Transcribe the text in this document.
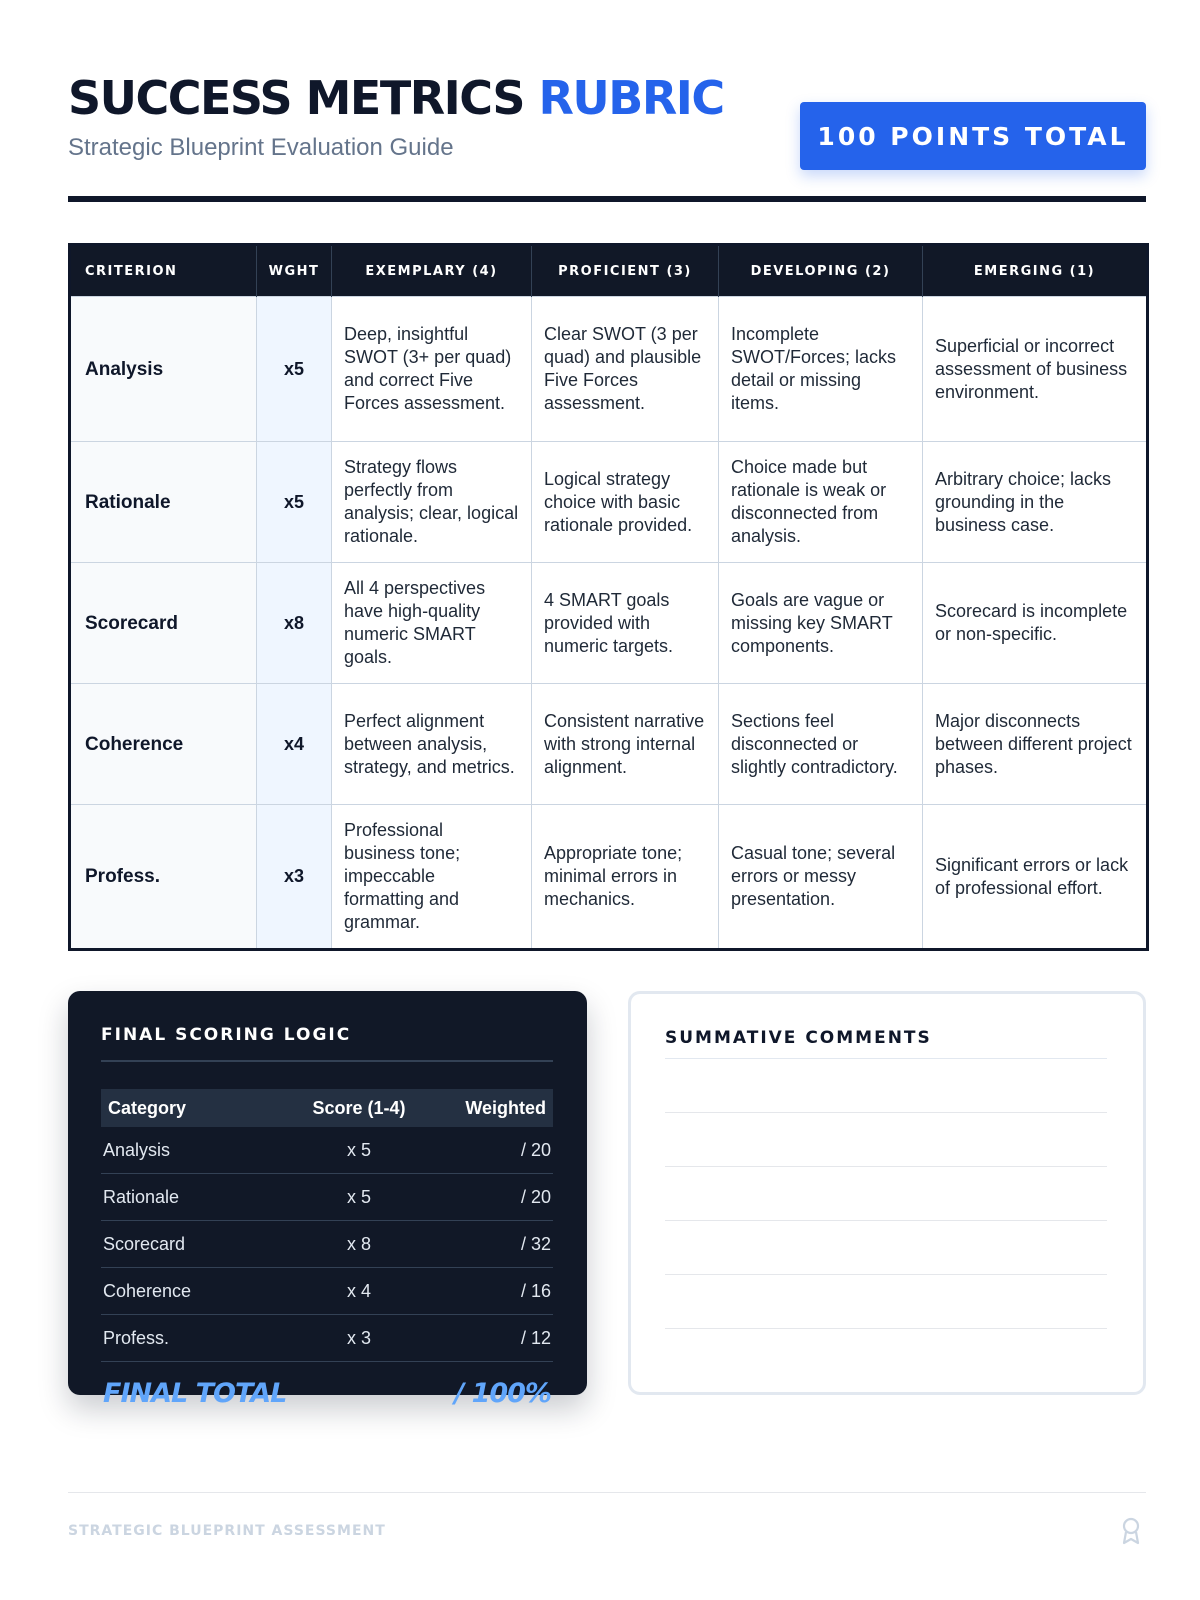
SUCCESS METRICS RUBRIC
Strategic Blueprint Evaluation Guide	100 POINTS TOTAL
CRITERION	WGHT	EXEMPLARY (4)	PROFICIENT (3)	DEVELOPING (2)	EMERGING (1)
Analysis	x5	Deep, insightful SWOT (3+ per quad) and correct Five Forces assessment.	Clear SWOT (3 per quad) and plausible Five Forces assessment.	Incomplete SWOT/Forces; lacks detail or missing items.	Superficial or incorrect assessment of business environment.
Rationale	x5	Strategy flows perfectly from analysis; clear, logical rationale.	Logical strategy choice with basic rationale provided.	Choice made but rationale is weak or disconnected from analysis.	Arbitrary choice; lacks grounding in the business case.
Scorecard	x8	All 4 perspectives have high-quality numeric SMART goals.	4 SMART goals provided with numeric targets.	Goals are vague or missing key SMART components.	Scorecard is incomplete or non-specific.
Coherence	x4	Perfect alignment between analysis, strategy, and metrics.	Consistent narrative with strong internal alignment.	Sections feel disconnected or slightly contradictory.	Major disconnects between different project phases.
Profess.	x3	Professional business tone; impeccable formatting and grammar.	Appropriate tone; minimal errors in mechanics.	Casual tone; several errors or messy presentation.	Significant errors or lack of professional effort.
FINAL SCORING LOGIC
Category	Score (1-4)	Weighted
Analysis	x 5	/ 20
Rationale	x 5	/ 20
Scorecard	x 8	/ 32
Coherence	x 4	/ 16
Profess.	x 3	/ 12
FINAL TOTAL	/ 100%
SUMMATIVE COMMENTS
STRATEGIC BLUEPRINT ASSESSMENT
